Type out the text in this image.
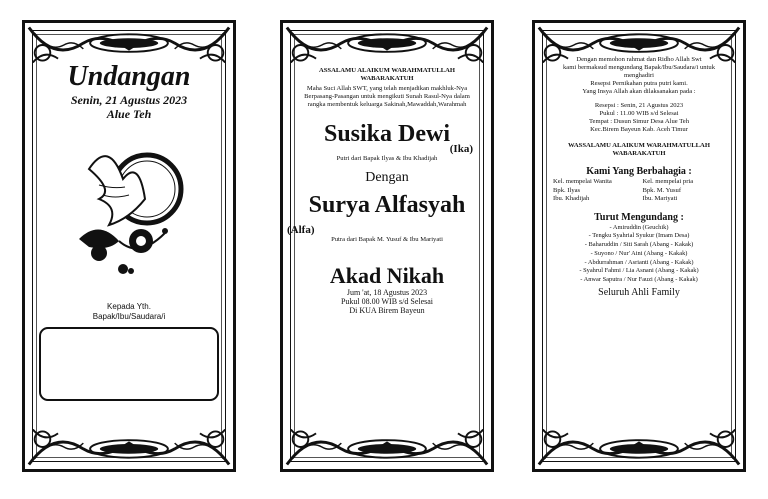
Undangan
Senin, 21 Agustus 2023
Alue Teh
Kepada Yth.
Bapak/Ibu/Saudara/i
ASSALAMU ALAIKUM WARAHMATULLAH WABARAKATUH
Maha Suci Allah SWT, yang telah menjadikan makhluk-Nya Berpasang-Pasangan untuk mengikuti Sunah Rasul-Nya dalam rangka membentuk keluarga Sakinah,Mawaddah,Warahmah
Susika Dewi
(Ika)
Putri dari Bapak Ilyas & Ibu Khadijah
Dengan
Surya Alfasyah
(Alfa)
Putra dari Bapak M. Yusuf & Ibu Mariyati
Akad Nikah
Jum 'at, 18 Agustus 2023
Pukul 08.00 WIB s/d Selesai
Di KUA Birem Bayeun
Dengan memohon rahmat dan Ridho Allah Swt
kami bermaksud mengundang Bapak/Ibu/Saudara/i untuk
menghadiri
Resepsi Pernikahan putra putri kami.
Yang Insya Allah akan dilaksanakan pada :
Resepsi : Senin, 21 Agustus 2023
Pukul : 11.00 WIB s/d Selesai
Tempat : Dusun Simur Desa Alue Teh
Kec.Birem Bayeun Kab. Aceh Timur
WASSALAMU ALAIKUM WARAHMATULLAH WABARAKATUH
Kami Yang Berbahagia :
Kel. mempelai Wanita	Kel. mempelai pria
Bpk. Ilyas	Bpk. M. Yusuf
Ibu. Khadijah	Ibu. Mariyati
Turut Mengundang :
- Amiruddin (Geuchik)
- Tengku Syahrial Syukur (Imam Desa)
- Baharuddin / Siti Sarah (Abang - Kakak)
- Suyono / Nur' Aini (Abang - Kakak)
- Abdurrahman / Asrianti (Abang - Kakak)
- Syahrul Fahmi / Lia Asnani (Abang - Kakak)
- Anwar Saputra / Nur Fauzi (Abang - Kakak)
Seluruh Ahli Family
